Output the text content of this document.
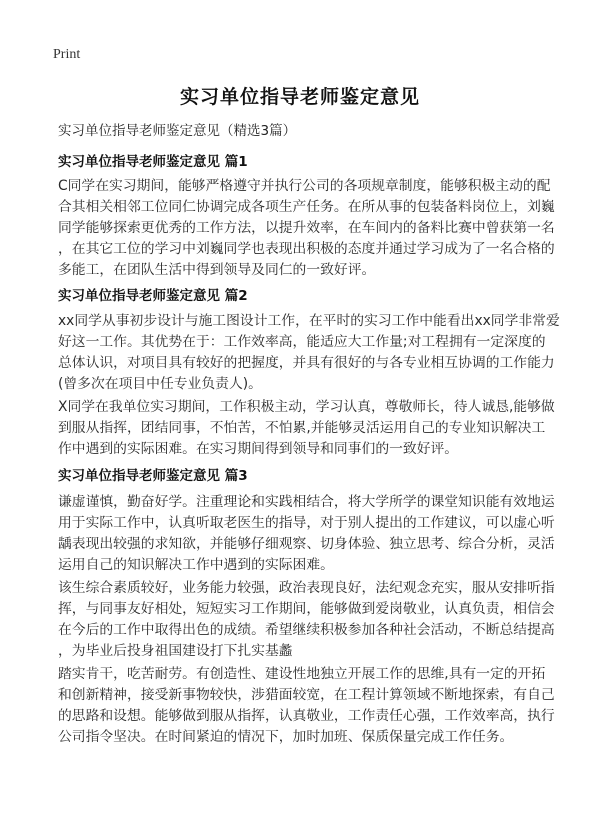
Print
实习单位指导老师鉴定意见
实习单位指导老师鉴定意见（精选3篇）
实习单位指导老师鉴定意见 篇1
C同学在实习期间，能够严格遵守并执行公司的各项规章制度，能够积极主动的配
合其相关相邻工位同仁协调完成各项生产任务。在所从事的包装备料岗位上，刘巍
同学能够探索更优秀的工作方法，以提升效率，在车间内的备料比赛中曾获第一名
，在其它工位的学习中刘巍同学也表现出积极的态度并通过学习成为了一名合格的
多能工，在团队生活中得到领导及同仁的一致好评。
实习单位指导老师鉴定意见 篇2
xx同学从事初步设计与施工图设计工作，在平时的实习工作中能看出xx同学非常爱
好这一工作。其优势在于：工作效率高，能适应大工作量;对工程拥有一定深度的
总体认识，对项目具有较好的把握度，并具有很好的与各专业相互协调的工作能力
(曾多次在项目中任专业负责人)。
X同学在我单位实习期间，工作积极主动，学习认真，尊敬师长，待人诚恳,能够做
到服从指挥，团结同事，不怕苦，不怕累,并能够灵活运用自己的专业知识解决工
作中遇到的实际困难。在实习期间得到领导和同事们的一致好评。
实习单位指导老师鉴定意见 篇3
谦虚谨慎，勤奋好学。注重理论和实践相结合，将大学所学的课堂知识能有效地运
用于实际工作中，认真听取老医生的指导，对于别人提出的工作建议，可以虚心听
龋表现出较强的求知欲，并能够仔细观察、切身体验、独立思考、综合分析，灵活
运用自己的知识解决工作中遇到的实际困难。
该生综合素质较好，业务能力较强，政治表现良好，法纪观念充实，服从安排听指
挥，与同事友好相处，短短实习工作期间，能够做到爱岗敬业，认真负责，相信会
在今后的工作中取得出色的成绩。希望继续积极参加各种社会活动，不断总结提高
，为毕业后投身祖国建设打下扎实基蠡
踏实肯干，吃苦耐劳。有创造性、建设性地独立开展工作的思维,具有一定的开拓
和创新精神，接受新事物较快，涉猎面较宽，在工程计算领域不断地探索，有自己
的思路和设想。能够做到服从指挥，认真敬业，工作责任心强，工作效率高，执行
公司指令坚决。在时间紧迫的情况下，加时加班、保质保量完成工作任务。
